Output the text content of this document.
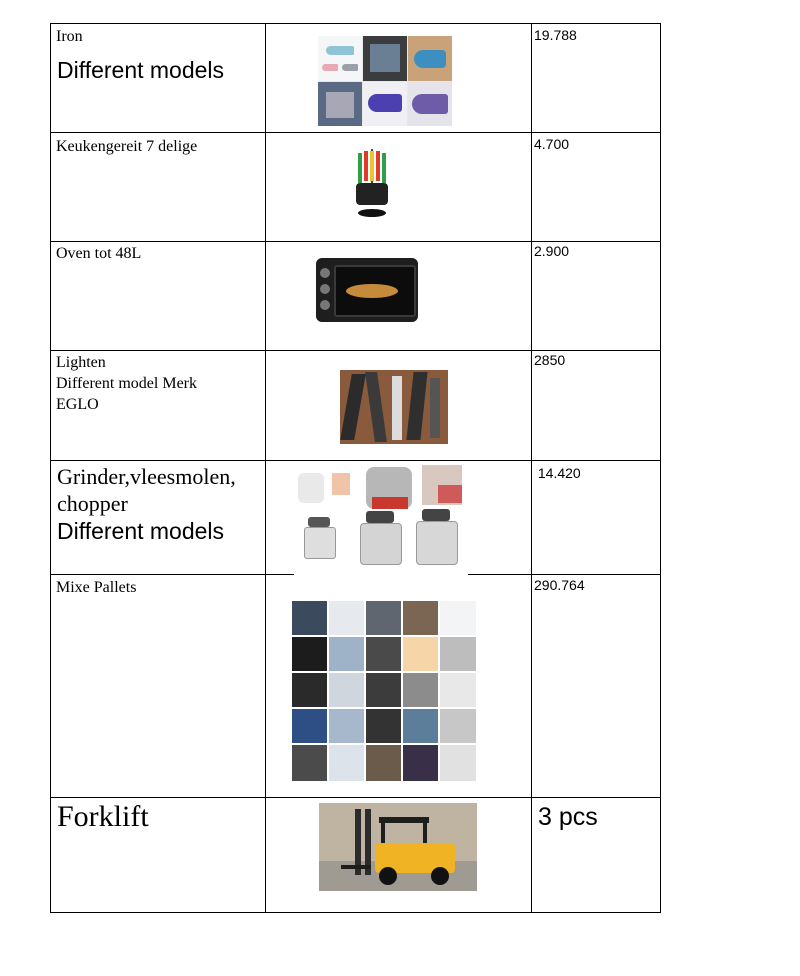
Iron
Different models		19.788

Keukengereit 7 delige		4.700

Oven tot 48L		2.900

Lighten
Different model Merk
EGLO		2850

Grinder,vleesmolen,
chopper
Different models		14.420

Mixe Pallets		290.764

Forklift		3 pcs
